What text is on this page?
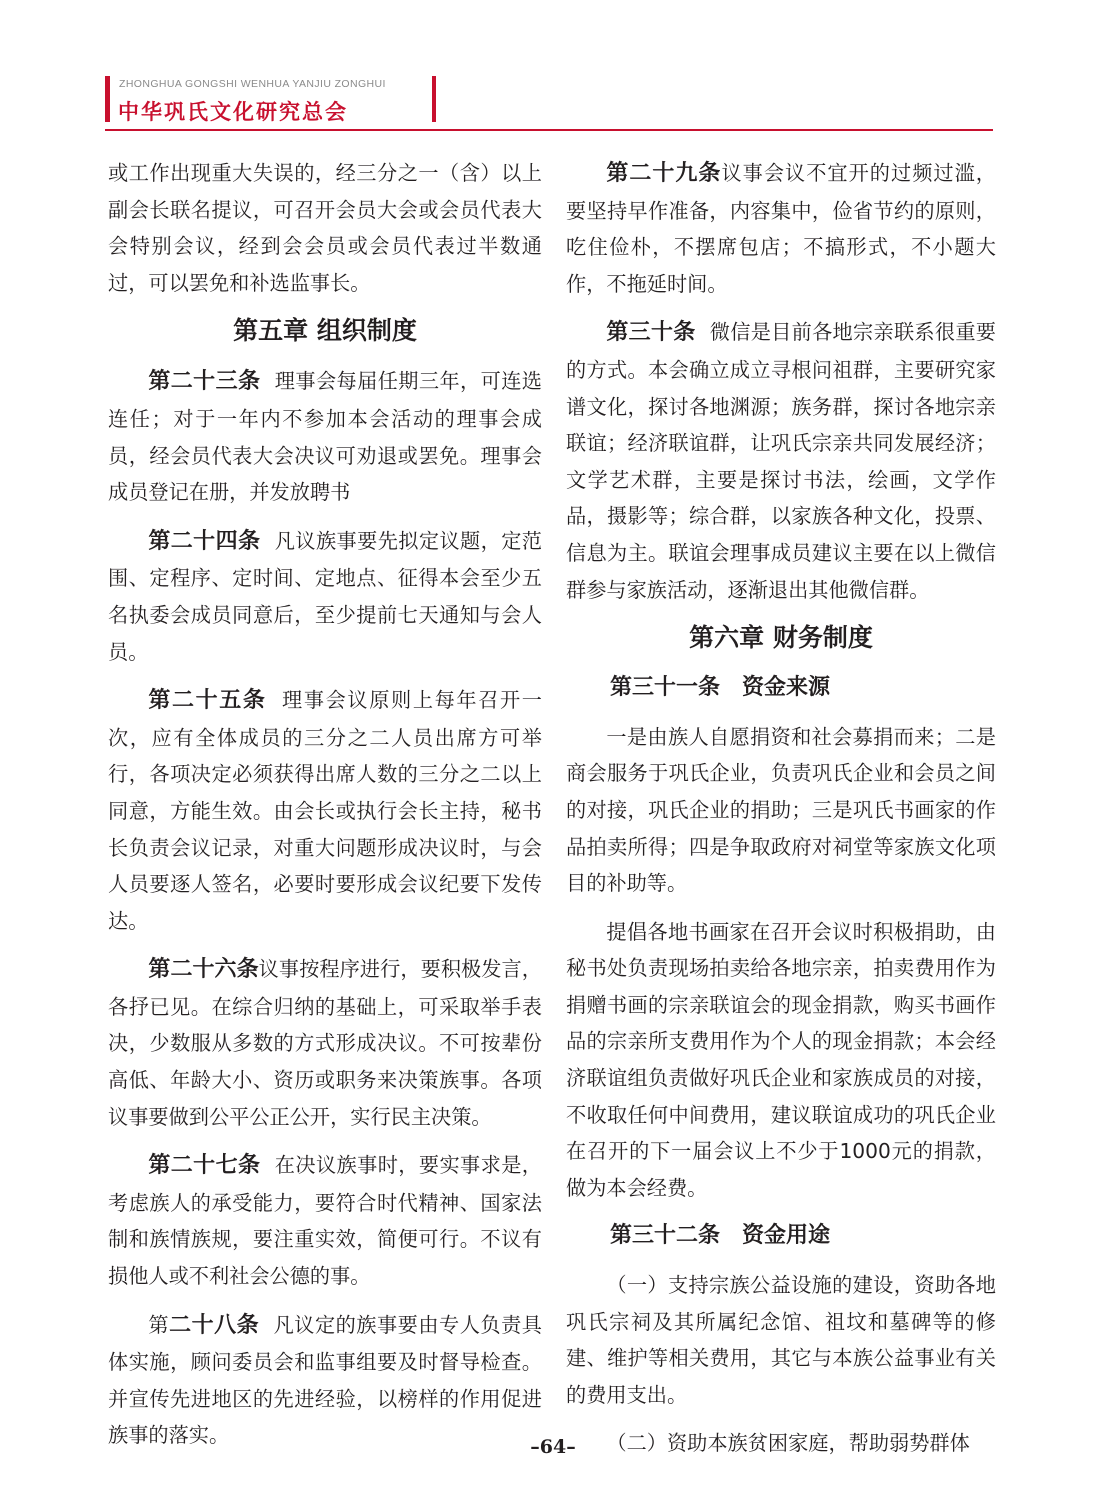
ZHONGHUA GONGSHI WENHUA YANJIU ZONGHUI
中华巩氏文化研究总会

或工作出现重大失误的，经三分之一（含）以上副会长联名提议，可召开会员大会或会员代表大会特别会议，经到会会员或会员代表过半数通过，可以罢免和补选监事长。

第五章 组织制度

第二十三条 理事会每届任期三年，可连选连任；对于一年内不参加本会活动的理事会成员，经会员代表大会决议可劝退或罢免。理事会成员登记在册，并发放聘书

第二十四条 凡议族事要先拟定议题，定范围、定程序、定时间、定地点、征得本会至少五名执委会成员同意后，至少提前七天通知与会人员。

第二十五条 理事会议原则上每年召开一次，应有全体成员的三分之二人员出席方可举行，各项决定必须获得出席人数的三分之二以上同意，方能生效。由会长或执行会长主持，秘书长负责会议记录，对重大问题形成决议时，与会人员要逐人签名，必要时要形成会议纪要下发传达。

第二十六条议事按程序进行，要积极发言，各抒已见。在综合归纳的基础上，可采取举手表决，少数服从多数的方式形成决议。不可按辈份高低、年龄大小、资历或职务来决策族事。各项议事要做到公平公正公开，实行民主决策。

第二十七条 在决议族事时，要实事求是，考虑族人的承受能力，要符合时代精神、国家法制和族情族规，要注重实效，简便可行。不议有损他人或不利社会公德的事。

第二十八条 凡议定的族事要由专人负责具体实施，顾问委员会和监事组要及时督导检查。并宣传先进地区的先进经验，以榜样的作用促进族事的落实。

第二十九条议事会议不宜开的过频过滥，要坚持早作准备，内容集中，俭省节约的原则，吃住俭朴，不摆席包店；不搞形式，不小题大作，不拖延时间。

第三十条 微信是目前各地宗亲联系很重要的方式。本会确立成立寻根问祖群，主要研究家谱文化，探讨各地渊源；族务群，探讨各地宗亲联谊；经济联谊群，让巩氏宗亲共同发展经济；文学艺术群，主要是探讨书法，绘画，文学作品，摄影等；综合群，以家族各种文化，投票、信息为主。联谊会理事成员建议主要在以上微信群参与家族活动，逐渐退出其他微信群。

第六章 财务制度

第三十一条　资金来源

一是由族人自愿捐资和社会募捐而来；二是商会服务于巩氏企业，负责巩氏企业和会员之间的对接，巩氏企业的捐助；三是巩氏书画家的作品拍卖所得；四是争取政府对祠堂等家族文化项目的补助等。

提倡各地书画家在召开会议时积极捐助，由秘书处负责现场拍卖给各地宗亲，拍卖费用作为捐赠书画的宗亲联谊会的现金捐款，购买书画作品的宗亲所支费用作为个人的现金捐款；本会经济联谊组负责做好巩氏企业和家族成员的对接，不收取任何中间费用，建议联谊成功的巩氏企业在召开的下一届会议上不少于1000元的捐款，做为本会经费。

第三十二条　资金用途

（一）支持宗族公益设施的建设，资助各地巩氏宗祠及其所属纪念馆、祖坟和墓碑等的修建、维护等相关费用，其它与本族公益事业有关的费用支出。

（二）资助本族贫困家庭，帮助弱势群体

–64–
